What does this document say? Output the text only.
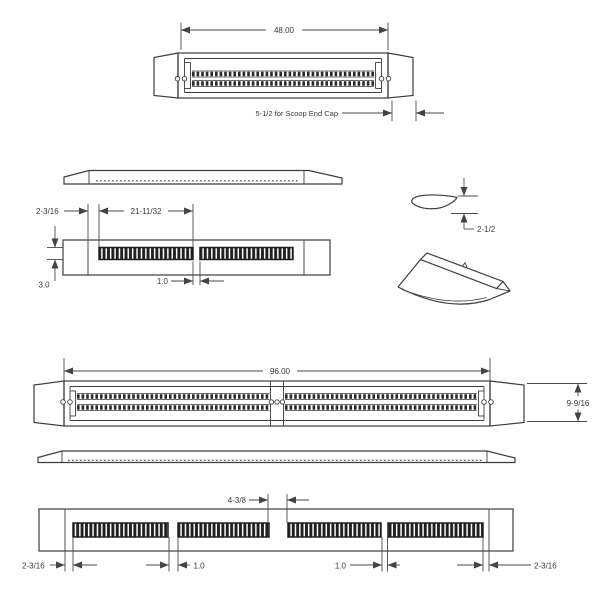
48.00
5-1/2 for Scoop End Cap
2-3/16	21-11/32
1.0
3.0
2-1/2
96.00
9-9/16
4-3/8
2-3/16	1.0	1.0	2-3/16
